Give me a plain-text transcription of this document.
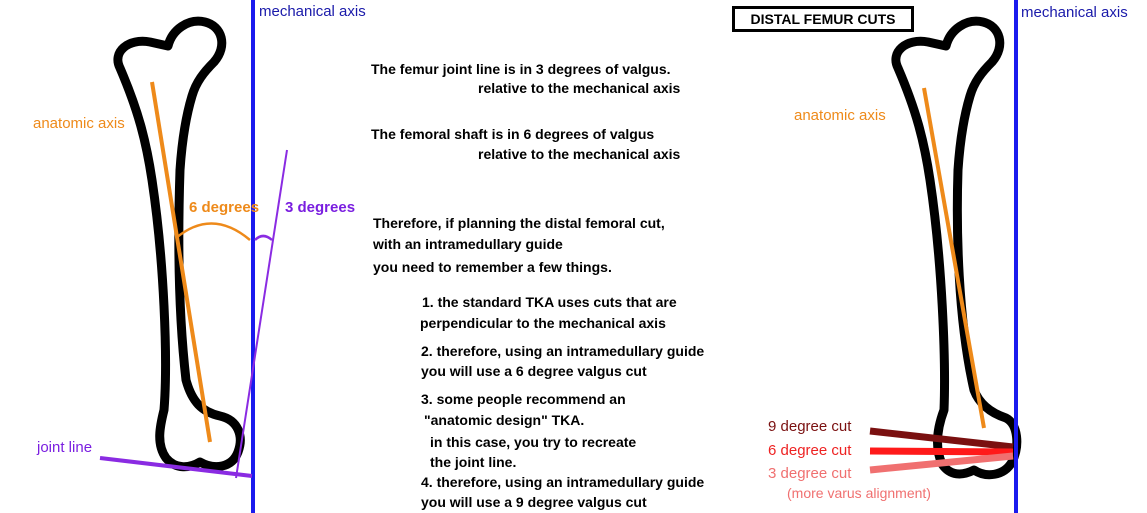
mechanical axis
anatomic axis
6 degrees 3 degrees
joint line
DISTAL FEMUR CUTS	mechanical axis
anatomic axis
9 degree cut
6 degree cut
3 degree cut
(more varus alignment)
The femur joint line is in 3 degrees of valgus.
relative to the mechanical axis
The femoral shaft is in 6 degrees of valgus
relative to the mechanical axis
Therefore, if planning the distal femoral cut,
with an intramedullary guide
you need to remember a few things.
1. the standard TKA uses cuts that are
perpendicular to the mechanical axis
2. therefore, using an intramedullary guide
you will use a 6 degree valgus cut
3. some people recommend an
"anatomic design" TKA.
in this case, you try to recreate
the joint line.
4. therefore, using an intramedullary guide
you will use a 9 degree valgus cut
